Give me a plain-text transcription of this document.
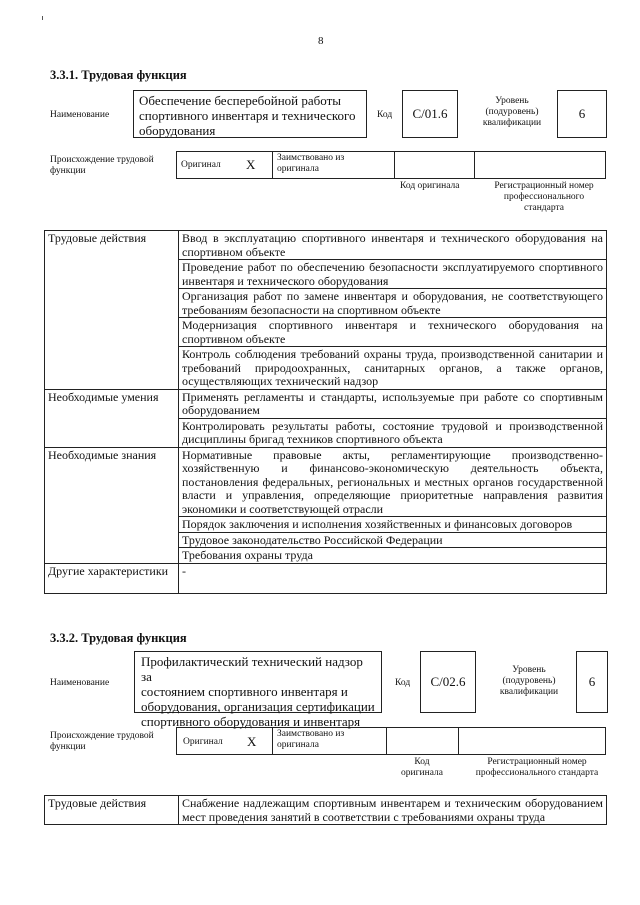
8
3.3.1. Трудовая функция
Наименование
Обеспечение бесперебойной работы
спортивного инвентаря и технического
оборудования
Код	С/01.6
Уровень
(подуровень)
квалификации
6
Происхождение трудовой
функции
Оригинал X Заимствовано из
оригинала
Код оригинала	Регистрационный номер
профессионального
стандарта
Трудовые действия	Ввод в эксплуатацию спортивного инвентаря и технического оборудования на спортивном объекте
	Проведение работ по обеспечению безопасности эксплуатируемого спортивного инвентаря и технического оборудования
	Организация работ по замене инвентаря и оборудования, не соответствующего требованиям безопасности на спортивном объекте
	Модернизация спортивного инвентаря и технического оборудования на спортивном объекте
	Контроль соблюдения требований охраны труда, производственной санитарии и требований природоохранных, санитарных органов, а также органов, осуществляющих технический надзор
Необходимые умения	Применять регламенты и стандарты, используемые при работе со спортивным оборудованием
	Контролировать результаты работы, состояние трудовой и производственной дисциплины бригад техников спортивного объекта
Необходимые знания	Нормативные правовые акты, регламентирующие производственно-хозяйственную и финансово-экономическую деятельность объекта, постановления федеральных, региональных и местных органов государственной власти и управления, определяющие приоритетные направления развития экономики и соответствующей отрасли
	Порядок заключения и исполнения хозяйственных и финансовых договоров
	Трудовое законодательство Российской Федерации
	Требования охраны труда
Другие характеристики	-
3.3.2. Трудовая функция
Наименование
Профилактический технический надзор за
состоянием спортивного инвентаря и
оборудования, организация сертификации
спортивного оборудования и инвентаря
Код	С/02.6
Уровень
(подуровень)
квалификации
6
Происхождение трудовой
функции	Оригинал X Заимствовано из
оригинала
Код
оригинала
Регистрационный номер
профессионального стандарта
Трудовые действия	Снабжение надлежащим спортивным инвентарем и техническим оборудованием мест проведения занятий в соответствии с требованиями охраны труда
